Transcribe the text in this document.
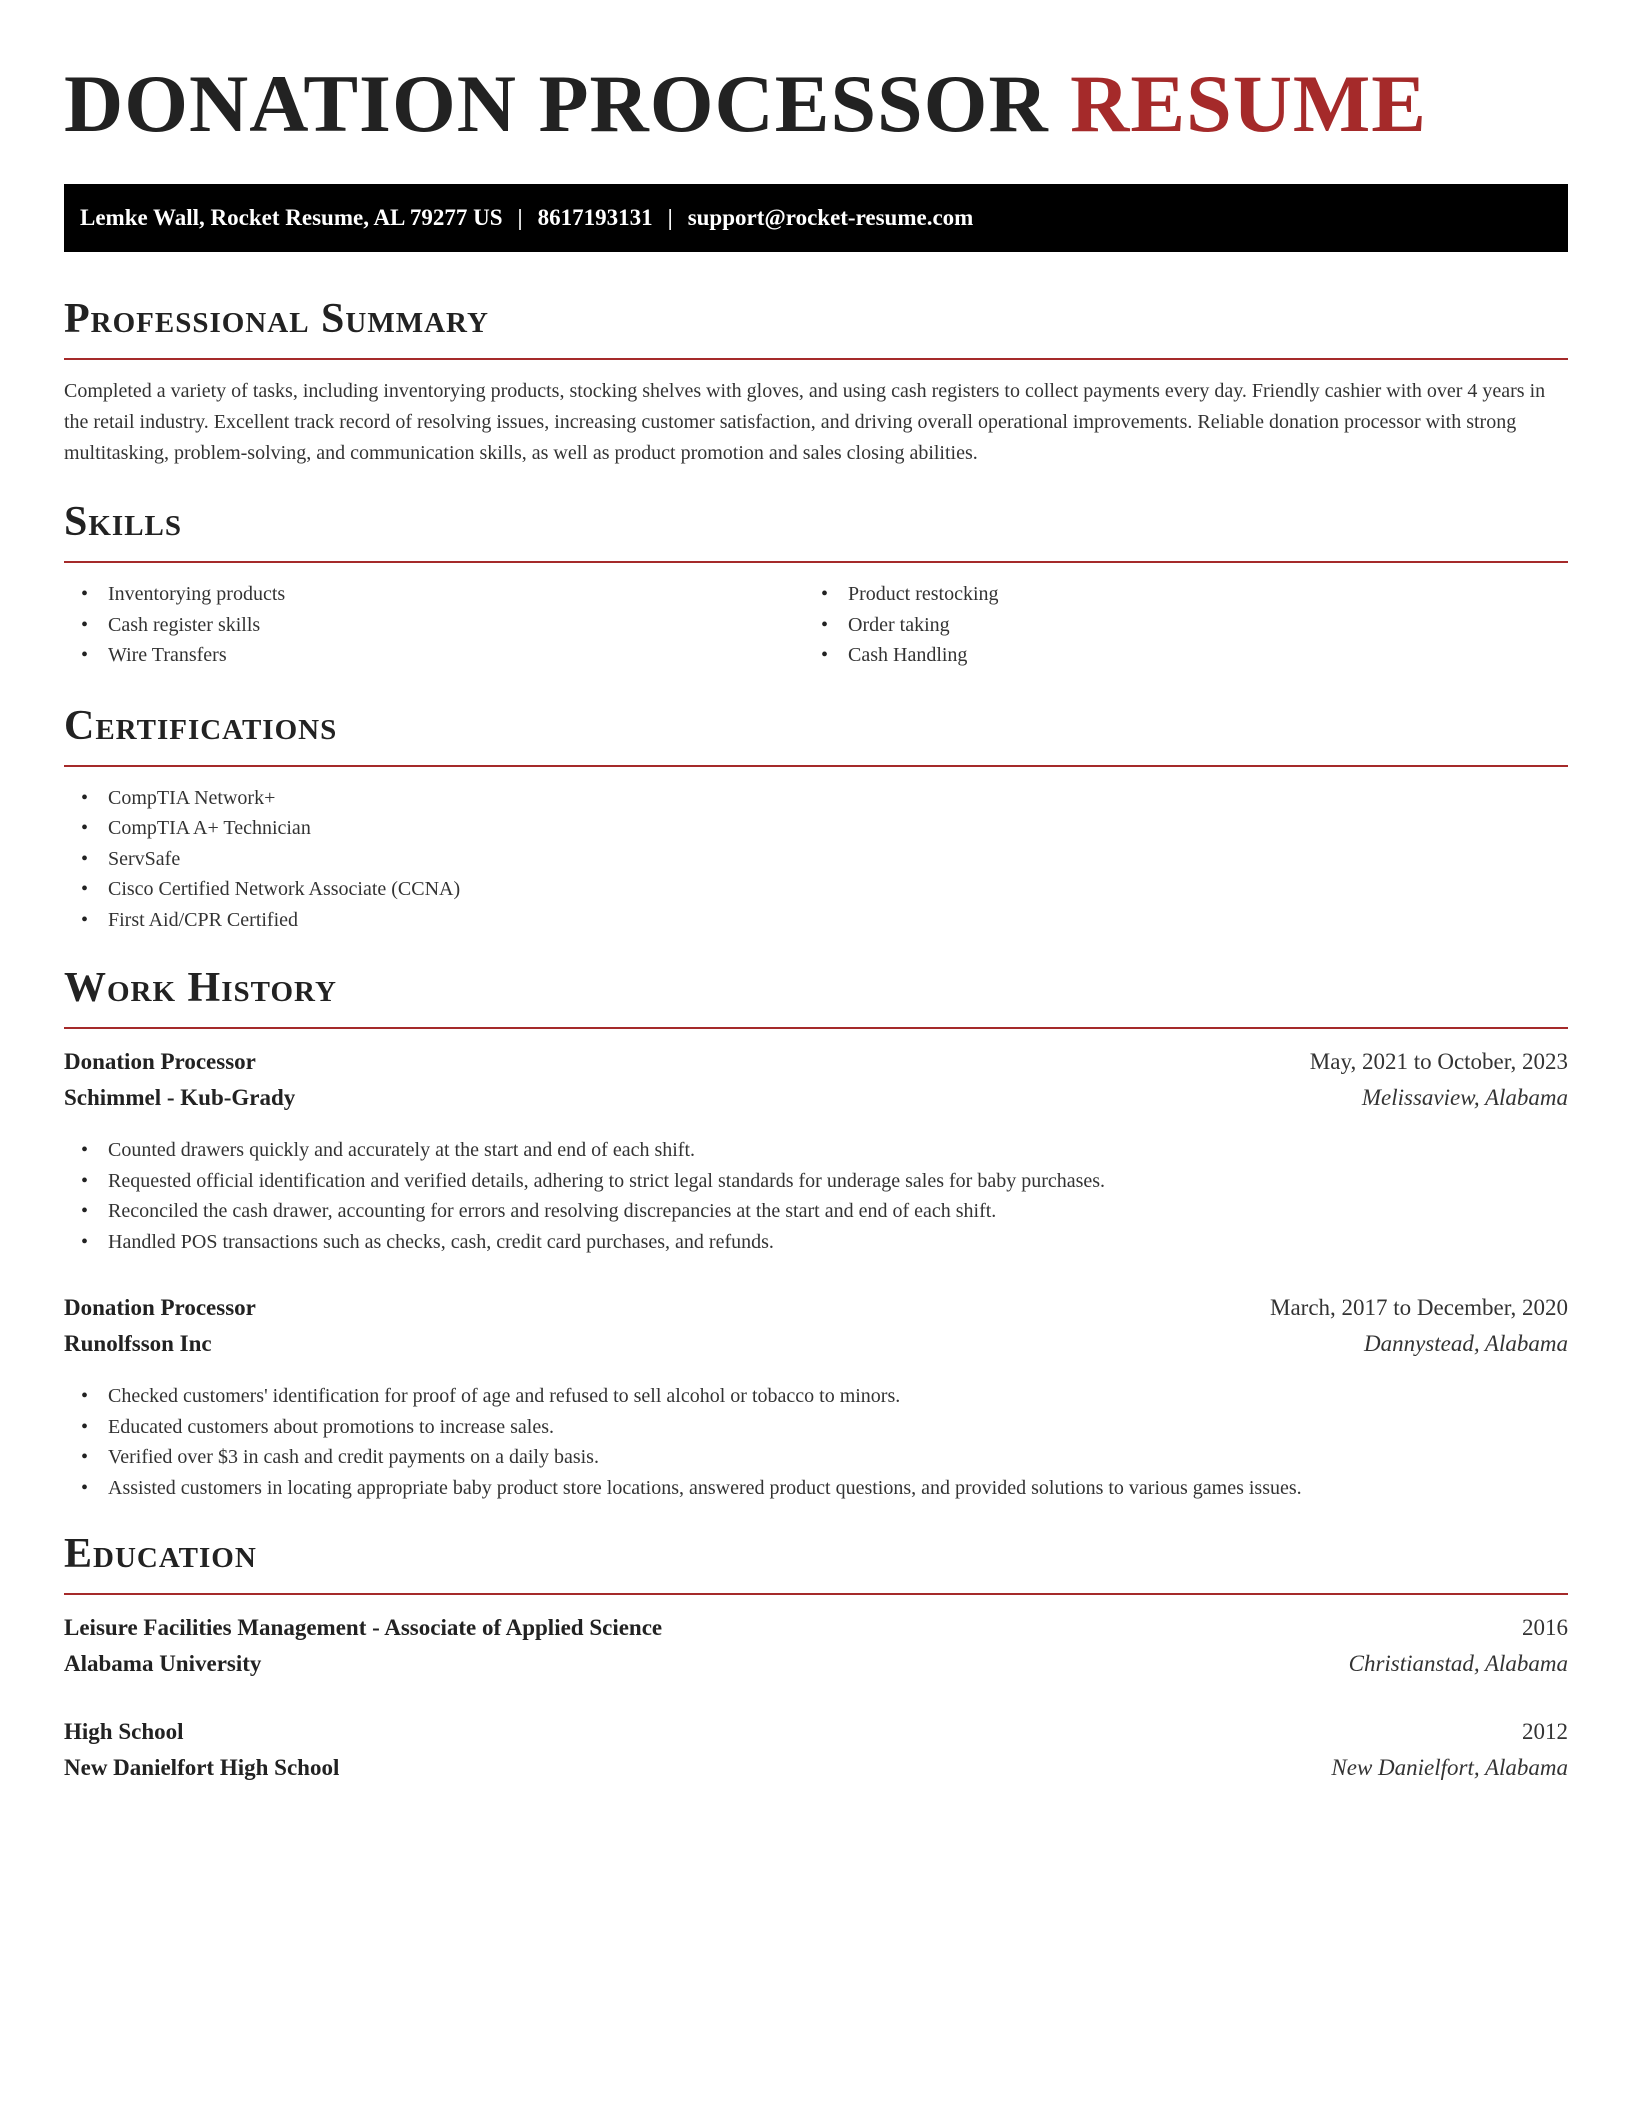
DONATION PROCESSOR RESUME
Lemke Wall, Rocket Resume, AL 79277 US | 8617193131 | support@rocket-resume.com
Professional Summary

Completed a variety of tasks, including inventorying products, stocking shelves with gloves, and using cash registers to collect payments every day. Friendly cashier with over 4 years in the retail industry. Excellent track record of resolving issues, increasing customer satisfaction, and driving overall operational improvements. Reliable donation processor with strong multitasking, problem-solving, and communication skills, as well as product promotion and sales closing abilities.

Skills
• Inventorying products
• Cash register skills
• Wire Transfers
• Product restocking
• Order taking
• Cash Handling
Certifications
• CompTIA Network+
• CompTIA A+ Technician
• ServSafe
• Cisco Certified Network Associate (CCNA)
• First Aid/CPR Certified
Work History
Donation Processor	May, 2021 to October, 2023
Schimmel - Kub-Grady	Melissaview, Alabama
• Counted drawers quickly and accurately at the start and end of each shift.
• Requested official identification and verified details, adhering to strict legal standards for underage sales for baby purchases.
• Reconciled the cash drawer, accounting for errors and resolving discrepancies at the start and end of each shift.
• Handled POS transactions such as checks, cash, credit card purchases, and refunds.
Donation Processor	March, 2017 to December, 2020
Runolfsson Inc	Dannystead, Alabama
• Checked customers' identification for proof of age and refused to sell alcohol or tobacco to minors.
• Educated customers about promotions to increase sales.
• Verified over $3 in cash and credit payments on a daily basis.
• Assisted customers in locating appropriate baby product store locations, answered product questions, and provided solutions to various games issues.
Education
Leisure Facilities Management - Associate of Applied Science	2016
Alabama University	Christianstad, Alabama
High School	2012
New Danielfort High School	New Danielfort, Alabama
